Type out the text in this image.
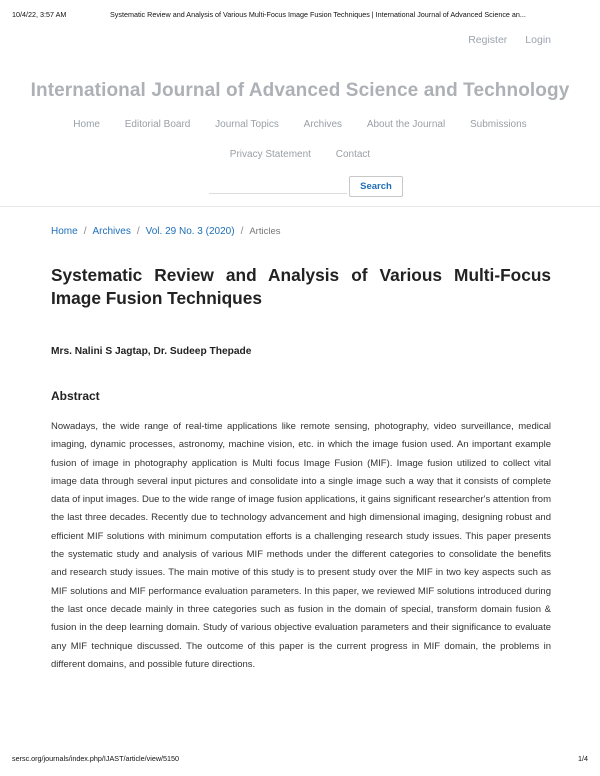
10/4/22, 3:57 AM	Systematic Review and Analysis of Various Multi-Focus Image Fusion Techniques | International Journal of Advanced Science an...
Register Login
International Journal of Advanced Science and Technology
Home Editorial Board Journal Topics Archives About the Journal Submissions
Privacy Statement Contact
Search
Home / Archives / Vol. 29 No. 3 (2020) / Articles
Systematic Review and Analysis of Various Multi-Focus Image Fusion Techniques
Mrs. Nalini S Jagtap, Dr. Sudeep Thepade
Abstract

Nowadays, the wide range of real-time applications like remote sensing, photography, video surveillance, medical imaging, dynamic processes, astronomy, machine vision, etc. in which the image fusion used. An important example fusion of image in photography application is Multi focus Image Fusion (MIF). Image fusion utilized to collect vital image data through several input pictures and consolidate into a single image such a way that it consists of complete data of input images. Due to the wide range of image fusion applications, it gains significant researcher's attention from the last three decades. Recently due to technology advancement and high dimensional imaging, designing robust and efficient MIF solutions with minimum computation efforts is a challenging research study issues. This paper presents the systematic study and analysis of various MIF methods under the different categories to consolidate the benefits and research study issues. The main motive of this study is to present study over the MIF in two key aspects such as MIF solutions and MIF performance evaluation parameters. In this paper, we reviewed MIF solutions introduced during the last once decade mainly in three categories such as fusion in the domain of special, transform domain fusion & fusion in the deep learning domain. Study of various objective evaluation parameters and their significance to evaluate any MIF technique discussed. The outcome of this paper is the current progress in MIF domain, the problems in different domains, and possible future directions.

sersc.org/journals/index.php/IJAST/article/view/5150	1/4
